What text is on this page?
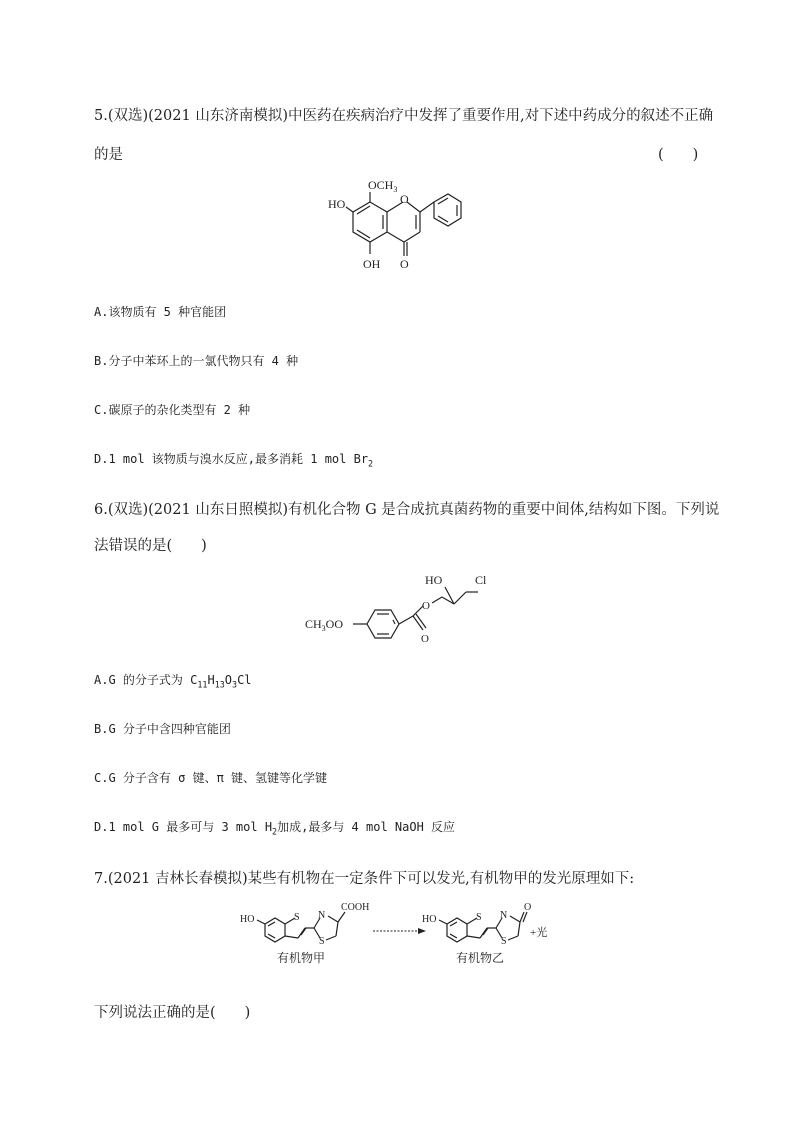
5.(双选)(2021 山东济南模拟)中医药在疾病治疗中发挥了重要作用,对下述中药成分的叙述不正确
的是	(　　)
O
$OCH_3$
HO
OH O
A.该物质有 5 种官能团
B.分子中苯环上的一氯代物只有 4 种
C.碳原子的杂化类型有 2 种
D.1 mol 该物质与溴水反应,最多消耗 1 mol $Br_2$
6.(双选)(2021 山东日照模拟)有机化合物 G 是合成抗真菌药物的重要中间体,结构如下图。下列说
法错误的是(　　)
$CH_3OO$
O
O
HO	Cl
A.G 的分子式为 $C_{11}H_{13}O_3Cl$
B.G 分子中含四种官能团
C.G 分子含有 σ 键、π 键、氢键等化学键
D.1 mol G 最多可与 3 mol $H_2$加成,最多与 4 mol NaOH 反应
7.(2021 吉林长春模拟)某些有机物在一定条件下可以发光,有机物甲的发光原理如下:
HO	S N
S
COOH
有机物甲
HO	S N
S
O
+光
有机物乙
下列说法正确的是(　　)
